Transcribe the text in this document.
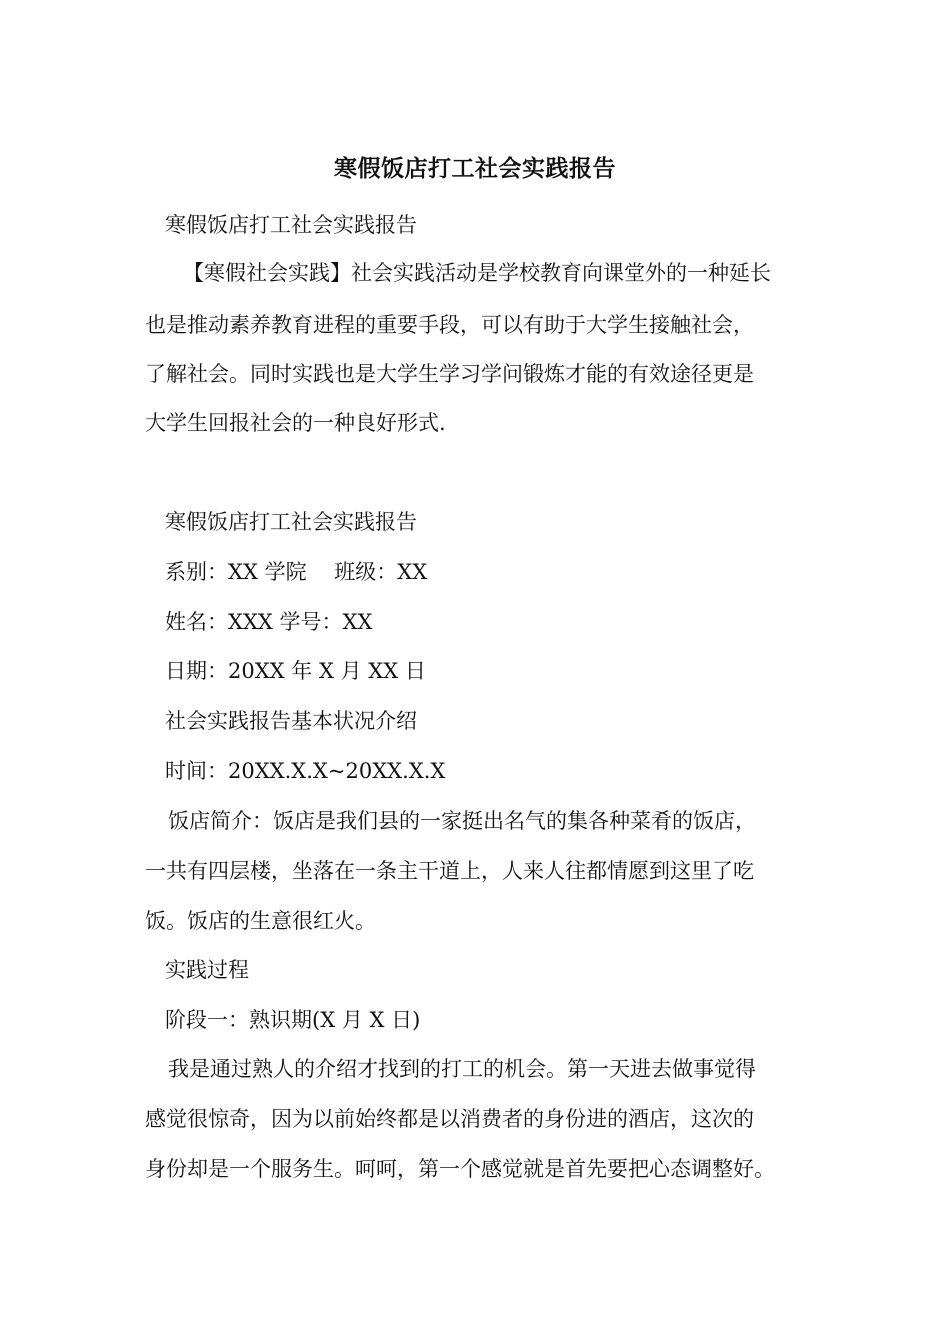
寒假饭店打工社会实践报告
寒假饭店打工社会实践报告
【寒假社会实践】社会实践活动是学校教育向课堂外的一种延长
也是推动素养教育进程的重要手段，可以有助于大学生接触社会，
了解社会。同时实践也是大学生学习学问锻炼才能的有效途径更是
大学生回报社会的一种良好形式.
寒假饭店打工社会实践报告
系别：XX 学院　 班级：XX
姓名：XXX 学号：XX
日期：20XX 年 X 月 XX 日
社会实践报告基本状况介绍
时间：20XX.X.X~20XX.X.X
饭店简介：饭店是我们县的一家挺出名气的集各种菜肴的饭店，
一共有四层楼，坐落在一条主干道上，人来人往都情愿到这里了吃
饭。饭店的生意很红火。
实践过程
阶段一：熟识期(X 月 X 日)
我是通过熟人的介绍才找到的打工的机会。第一天进去做事觉得
感觉很惊奇，因为以前始终都是以消费者的身份进的酒店，这次的
身份却是一个服务生。呵呵，第一个感觉就是首先要把心态调整好。
